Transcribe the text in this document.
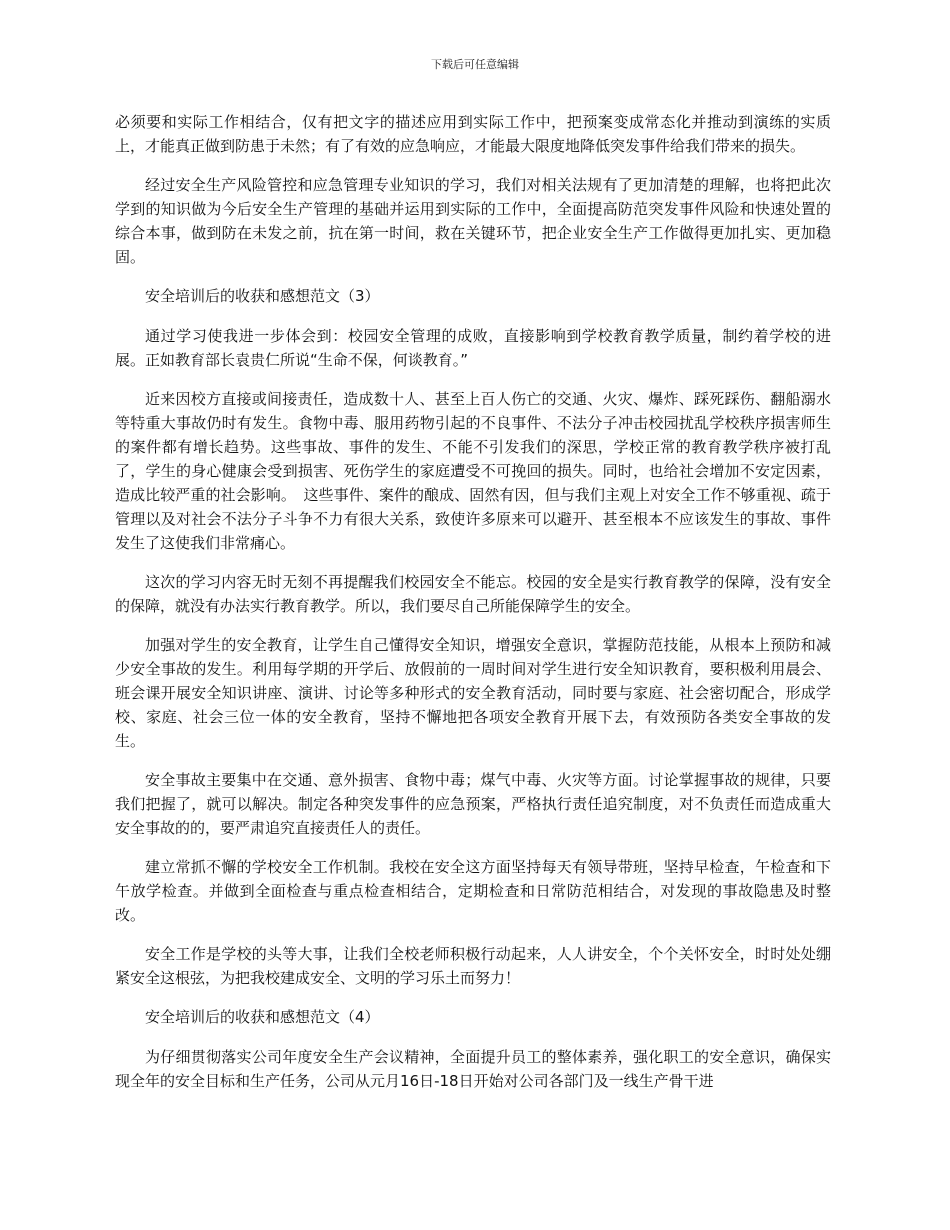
下载后可任意编辑

必须要和实际工作相结合，仅有把文字的描述应用到实际工作中，把预案变成常态化并推动到演练的实质上，才能真正做到防患于未然；有了有效的应急响应，才能最大限度地降低突发事件给我们带来的损失。

经过安全生产风险管控和应急管理专业知识的学习，我们对相关法规有了更加清楚的理解，也将把此次学到的知识做为今后安全生产管理的基础并运用到实际的工作中，全面提高防范突发事件风险和快速处置的综合本事，做到防在未发之前，抗在第一时间，救在关键环节，把企业安全生产工作做得更加扎实、更加稳固。

安全培训后的收获和感想范文（3）

通过学习使我进一步体会到：校园安全管理的成败，直接影响到学校教育教学质量，制约着学校的进展。正如教育部长袁贵仁所说“生命不保，何谈教育。”

近来因校方直接或间接责任，造成数十人、甚至上百人伤亡的交通、火灾、爆炸、踩死踩伤、翻船溺水等特重大事故仍时有发生。食物中毒、服用药物引起的不良事件、不法分子冲击校园扰乱学校秩序损害师生的案件都有增长趋势。这些事故、事件的发生、不能不引发我们的深思，学校正常的教育教学秩序被打乱了，学生的身心健康会受到损害、死伤学生的家庭遭受不可挽回的损失。同时，也给社会增加不安定因素，造成比较严重的社会影响。　这些事件、案件的酿成、固然有因，但与我们主观上对安全工作不够重视、疏于管理以及对社会不法分子斗争不力有很大关系，致使许多原来可以避开、甚至根本不应该发生的事故、事件发生了这使我们非常痛心。

这次的学习内容无时无刻不再提醒我们校园安全不能忘。校园的安全是实行教育教学的保障，没有安全的保障，就没有办法实行教育教学。所以，我们要尽自己所能保障学生的安全。

加强对学生的安全教育，让学生自己懂得安全知识，增强安全意识，掌握防范技能，从根本上预防和减少安全事故的发生。利用每学期的开学后、放假前的一周时间对学生进行安全知识教育，要积极利用晨会、班会课开展安全知识讲座、演讲、讨论等多种形式的安全教育活动，同时要与家庭、社会密切配合，形成学校、家庭、社会三位一体的安全教育，坚持不懈地把各项安全教育开展下去，有效预防各类安全事故的发生。

安全事故主要集中在交通、意外损害、食物中毒；煤气中毒、火灾等方面。讨论掌握事故的规律，只要我们把握了，就可以解决。制定各种突发事件的应急预案，严格执行责任追究制度，对不负责任而造成重大安全事故的的，要严肃追究直接责任人的责任。

建立常抓不懈的学校安全工作机制。我校在安全这方面坚持每天有领导带班，坚持早检查，午检查和下午放学检查。并做到全面检查与重点检查相结合，定期检查和日常防范相结合，对发现的事故隐患及时整改。

安全工作是学校的头等大事，让我们全校老师积极行动起来，人人讲安全，个个关怀安全，时时处处绷紧安全这根弦，为把我校建成安全、文明的学习乐土而努力！

安全培训后的收获和感想范文（4）

为仔细贯彻落实公司年度安全生产会议精神，全面提升员工的整体素养，强化职工的安全意识，确保实现全年的安全目标和生产任务，公司从元月16日-18日开始对公司各部门及一线生产骨干进
